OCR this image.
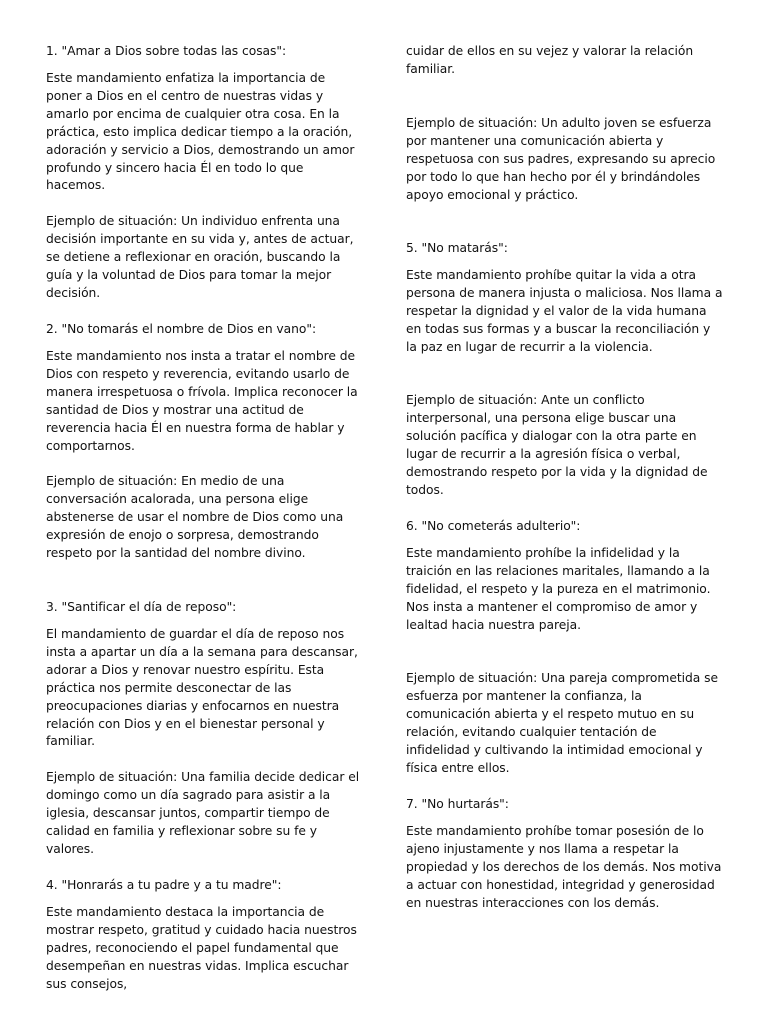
1. "Amar a Dios sobre todas las cosas":

Este mandamiento enfatiza la importancia de poner a Dios en el centro de nuestras vidas y amarlo por encima de cualquier otra cosa. En la práctica, esto implica dedicar tiempo a la oración, adoración y servicio a Dios, demostrando un amor profundo y sincero hacia Él en todo lo que hacemos.

Ejemplo de situación: Un individuo enfrenta una decisión importante en su vida y, antes de actuar, se detiene a reflexionar en oración, buscando la guía y la voluntad de Dios para tomar la mejor decisión.

2. "No tomarás el nombre de Dios en vano":

Este mandamiento nos insta a tratar el nombre de Dios con respeto y reverencia, evitando usarlo de manera irrespetuosa o frívola. Implica reconocer la santidad de Dios y mostrar una actitud de reverencia hacia Él en nuestra forma de hablar y comportarnos.

Ejemplo de situación: En medio de una conversación acalorada, una persona elige abstenerse de usar el nombre de Dios como una expresión de enojo o sorpresa, demostrando respeto por la santidad del nombre divino.

3. "Santificar el día de reposo":

El mandamiento de guardar el día de reposo nos insta a apartar un día a la semana para descansar, adorar a Dios y renovar nuestro espíritu. Esta práctica nos permite desconectar de las preocupaciones diarias y enfocarnos en nuestra relación con Dios y en el bienestar personal y familiar.

Ejemplo de situación: Una familia decide dedicar el domingo como un día sagrado para asistir a la iglesia, descansar juntos, compartir tiempo de calidad en familia y reflexionar sobre su fe y valores.

4. "Honrarás a tu padre y a tu madre":

Este mandamiento destaca la importancia de mostrar respeto, gratitud y cuidado hacia nuestros padres, reconociendo el papel fundamental que desempeñan en nuestras vidas. Implica escuchar sus consejos,

cuidar de ellos en su vejez y valorar la relación familiar.

Ejemplo de situación: Un adulto joven se esfuerza por mantener una comunicación abierta y respetuosa con sus padres, expresando su aprecio por todo lo que han hecho por él y brindándoles apoyo emocional y práctico.

5. "No matarás":

Este mandamiento prohíbe quitar la vida a otra persona de manera injusta o maliciosa. Nos llama a respetar la dignidad y el valor de la vida humana en todas sus formas y a buscar la reconciliación y la paz en lugar de recurrir a la violencia.

Ejemplo de situación: Ante un conflicto interpersonal, una persona elige buscar una solución pacífica y dialogar con la otra parte en lugar de recurrir a la agresión física o verbal, demostrando respeto por la vida y la dignidad de todos.

6. "No cometerás adulterio":

Este mandamiento prohíbe la infidelidad y la traición en las relaciones maritales, llamando a la fidelidad, el respeto y la pureza en el matrimonio. Nos insta a mantener el compromiso de amor y lealtad hacia nuestra pareja.

Ejemplo de situación: Una pareja comprometida se esfuerza por mantener la confianza, la comunicación abierta y el respeto mutuo en su relación, evitando cualquier tentación de infidelidad y cultivando la intimidad emocional y física entre ellos.

7. "No hurtarás":

Este mandamiento prohíbe tomar posesión de lo ajeno injustamente y nos llama a respetar la propiedad y los derechos de los demás. Nos motiva a actuar con honestidad, integridad y generosidad en nuestras interacciones con los demás.
